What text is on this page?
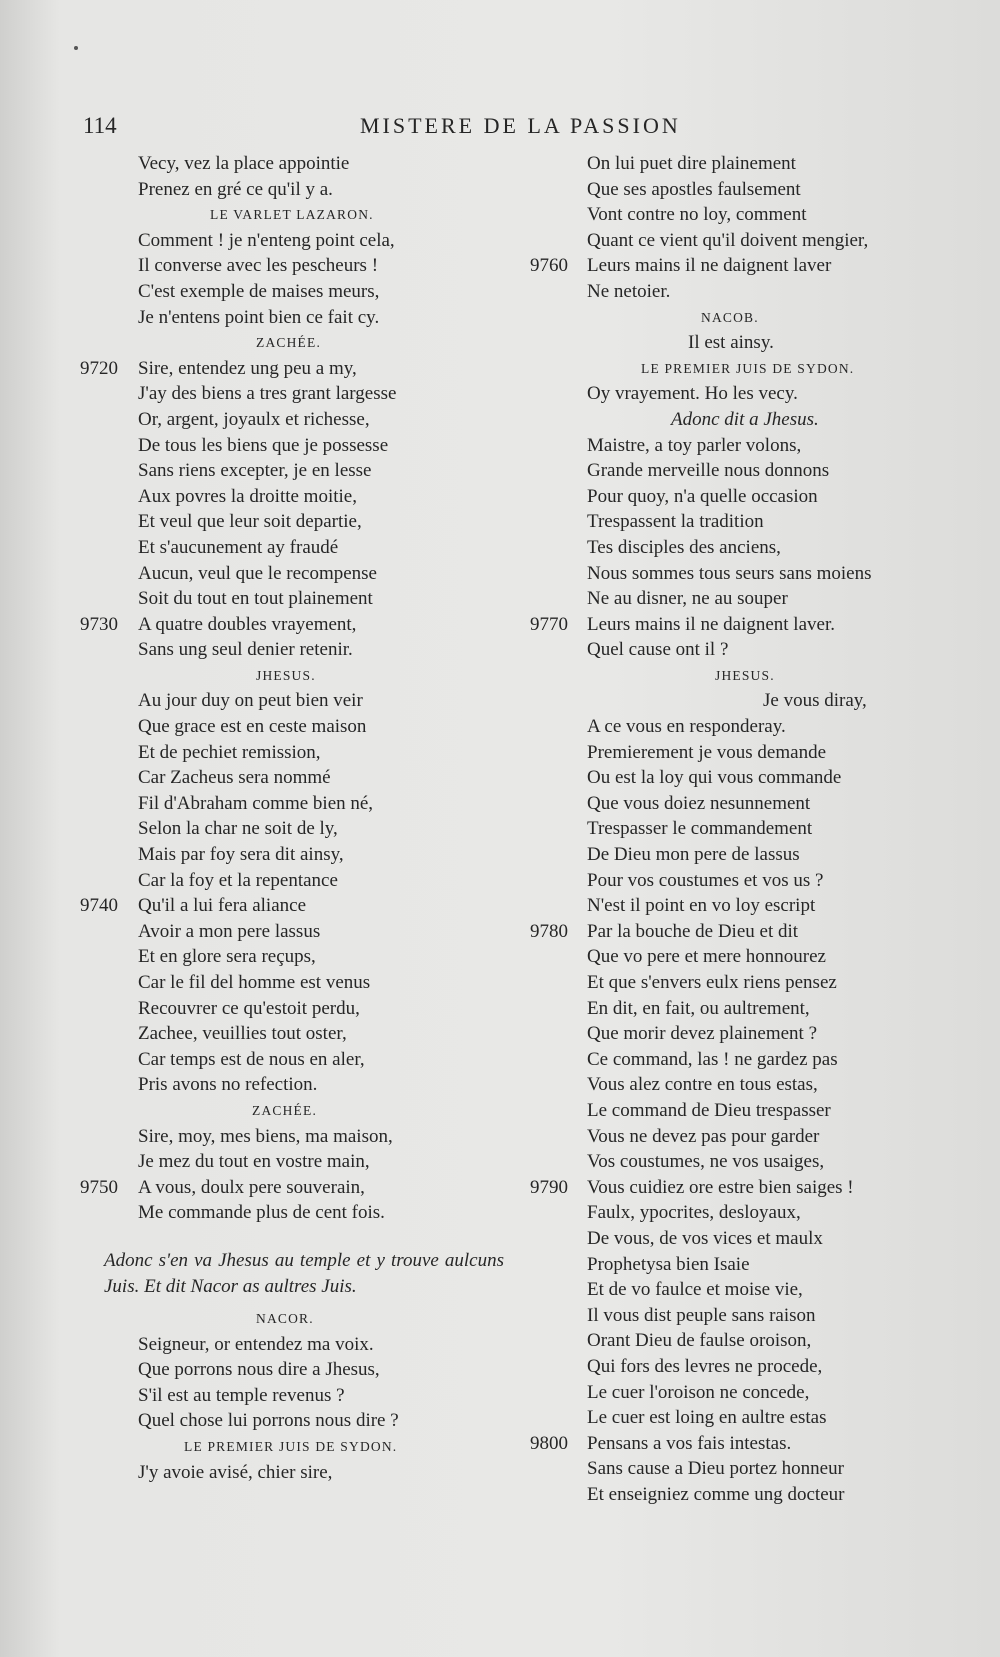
114	MISTERE DE LA PASSION
Vecy, vez la place appointie
Prenez en gré ce qu'il y a.
LE VARLET LAZARON.
Comment ! je n'enteng point cela,
Il converse avec les pescheurs !
C'est exemple de maises meurs,
Je n'entens point bien ce fait cy.
ZACHÉE.
9720	Sire, entendez ung peu a my,
J'ay des biens a tres grant largesse
Or, argent, joyaulx et richesse,
De tous les biens que je possesse
Sans riens excepter, je en lesse
Aux povres la droitte moitie,
Et veul que leur soit departie,
Et s'aucunement ay fraudé
Aucun, veul que le recompense
Soit du tout en tout plainement
9730	A quatre doubles vrayement,
Sans ung seul denier retenir.
JHESUS.
Au jour duy on peut bien veir
Que grace est en ceste maison
Et de pechiet remission,
Car Zacheus sera nommé
Fil d'Abraham comme bien né,
Selon la char ne soit de ly,
Mais par foy sera dit ainsy,
Car la foy et la repentance
9740	Qu'il a lui fera aliance
Avoir a mon pere lassus
Et en glore sera reçups,
Car le fil del homme est venus
Recouvrer ce qu'estoit perdu,
Zachee, veuillies tout oster,
Car temps est de nous en aler,
Pris avons no refection.
ZACHÉE.
Sire, moy, mes biens, ma maison,
Je mez du tout en vostre main,
9750	A vous, doulx pere souverain,
Me commande plus de cent fois.
Adonc s'en va Jhesus au temple et y trouve aulcuns Juis. Et dit Nacor as aultres Juis.
NACOR.
Seigneur, or entendez ma voix.
Que porrons nous dire a Jhesus,
S'il est au temple revenus ?
Quel chose lui porrons nous dire ?
LE PREMIER JUIS DE SYDON.
J'y avoie avisé, chier sire,
On lui puet dire plainement
Que ses apostles faulsement
Vont contre no loy, comment
Quant ce vient qu'il doivent mengier,
9760	Leurs mains il ne daignent laver
Ne netoier.
NACOB.
Il est ainsy.
LE PREMIER JUIS DE SYDON.
Oy vrayement. Ho les vecy.
Adonc dit a Jhesus.
Maistre, a toy parler volons,
Grande merveille nous donnons
Pour quoy, n'a quelle occasion
Trespassent la tradition
Tes disciples des anciens,
Nous sommes tous seurs sans moiens
Ne au disner, ne au souper
9770	Leurs mains il ne daignent laver.
Quel cause ont il ?
JHESUS.
Je vous diray,
A ce vous en responderay.
Premierement je vous demande
Ou est la loy qui vous commande
Que vous doiez nesunnement
Trespasser le commandement
De Dieu mon pere de lassus
Pour vos coustumes et vos us ?
N'est il point en vo loy escript
9780	Par la bouche de Dieu et dit
Que vo pere et mere honnourez
Et que s'envers eulx riens pensez
En dit, en fait, ou aultrement,
Que morir devez plainement ?
Ce command, las ! ne gardez pas
Vous alez contre en tous estas,
Le command de Dieu trespasser
Vous ne devez pas pour garder
Vos coustumes, ne vos usaiges,
9790	Vous cuidiez ore estre bien saiges !
Faulx, ypocrites, desloyaux,
De vous, de vos vices et maulx
Prophetysa bien Isaie
Et de vo faulce et moise vie,
Il vous dist peuple sans raison
Orant Dieu de faulse oroison,
Qui fors des levres ne procede,
Le cuer l'oroison ne concede,
Le cuer est loing en aultre estas
9800	Pensans a vos fais intestas.
Sans cause a Dieu portez honneur
Et enseigniez comme ung docteur
